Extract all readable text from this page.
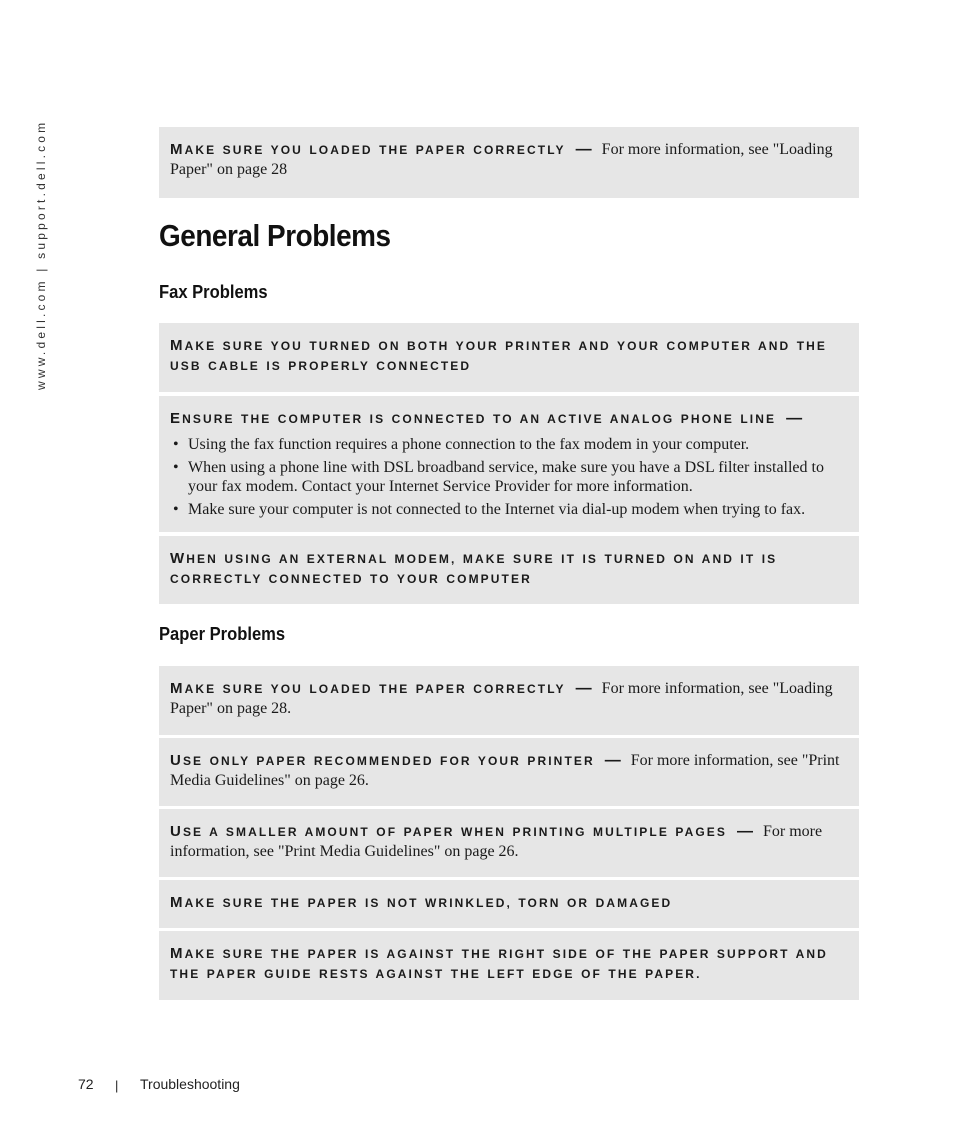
www.dell.com | support.dell.com	MAKE SURE YOU LOADED THE PAPER CORRECTLY — For more information, see "Loading Paper" on page 28
General Problems
Fax Problems
MAKE SURE YOU TURNED ON BOTH YOUR PRINTER AND YOUR COMPUTER AND THE USB CABLE IS PROPERLY CONNECTED
ENSURE THE COMPUTER IS CONNECTED TO AN ACTIVE ANALOG PHONE LINE —
• Using the fax function requires a phone connection to the fax modem in your computer.
• When using a phone line with DSL broadband service, make sure you have a DSL filter installed to your fax modem. Contact your Internet Service Provider for more information.
• Make sure your computer is not connected to the Internet via dial-up modem when trying to fax.
WHEN USING AN EXTERNAL MODEM, MAKE SURE IT IS TURNED ON AND IT IS CORRECTLY CONNECTED TO YOUR COMPUTER
Paper Problems
MAKE SURE YOU LOADED THE PAPER CORRECTLY — For more information, see "Loading Paper" on page 28.
USE ONLY PAPER RECOMMENDED FOR YOUR PRINTER — For more information, see "Print Media Guidelines" on page 26.
USE A SMALLER AMOUNT OF PAPER WHEN PRINTING MULTIPLE PAGES — For more information, see "Print Media Guidelines" on page 26.
MAKE SURE THE PAPER IS NOT WRINKLED, TORN OR DAMAGED
MAKE SURE THE PAPER IS AGAINST THE RIGHT SIDE OF THE PAPER SUPPORT AND THE PAPER GUIDE RESTS AGAINST THE LEFT EDGE OF THE PAPER.
72 | Troubleshooting
